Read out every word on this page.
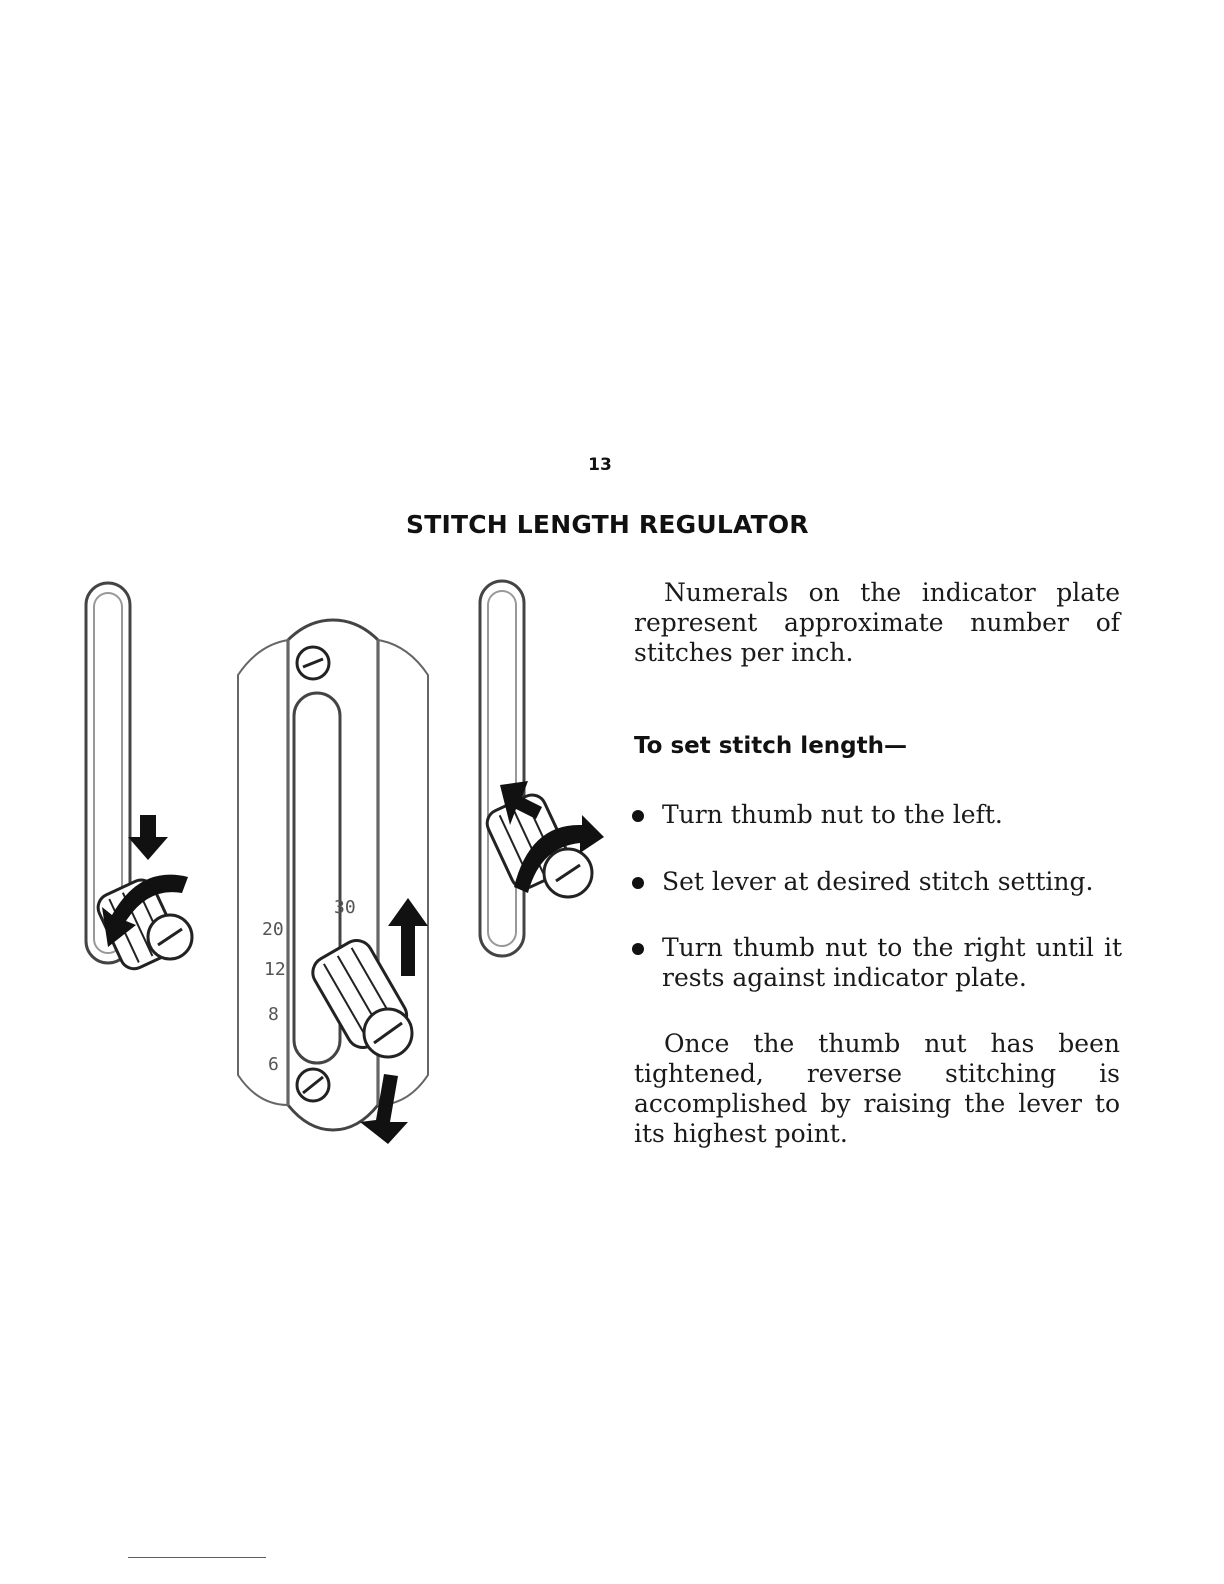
13
STITCH LENGTH REGULATOR
20
12
8
6
30

Numerals on the indicator plate represent approximate number of stitches per inch.

To set stitch length—
Turn thumb nut to the left.
Set lever at desired stitch setting.
Turn thumb nut to the right until it rests against indicator plate.

Once the thumb nut has been tightened, reverse stitching is accomplished by raising the lever to its highest point.
